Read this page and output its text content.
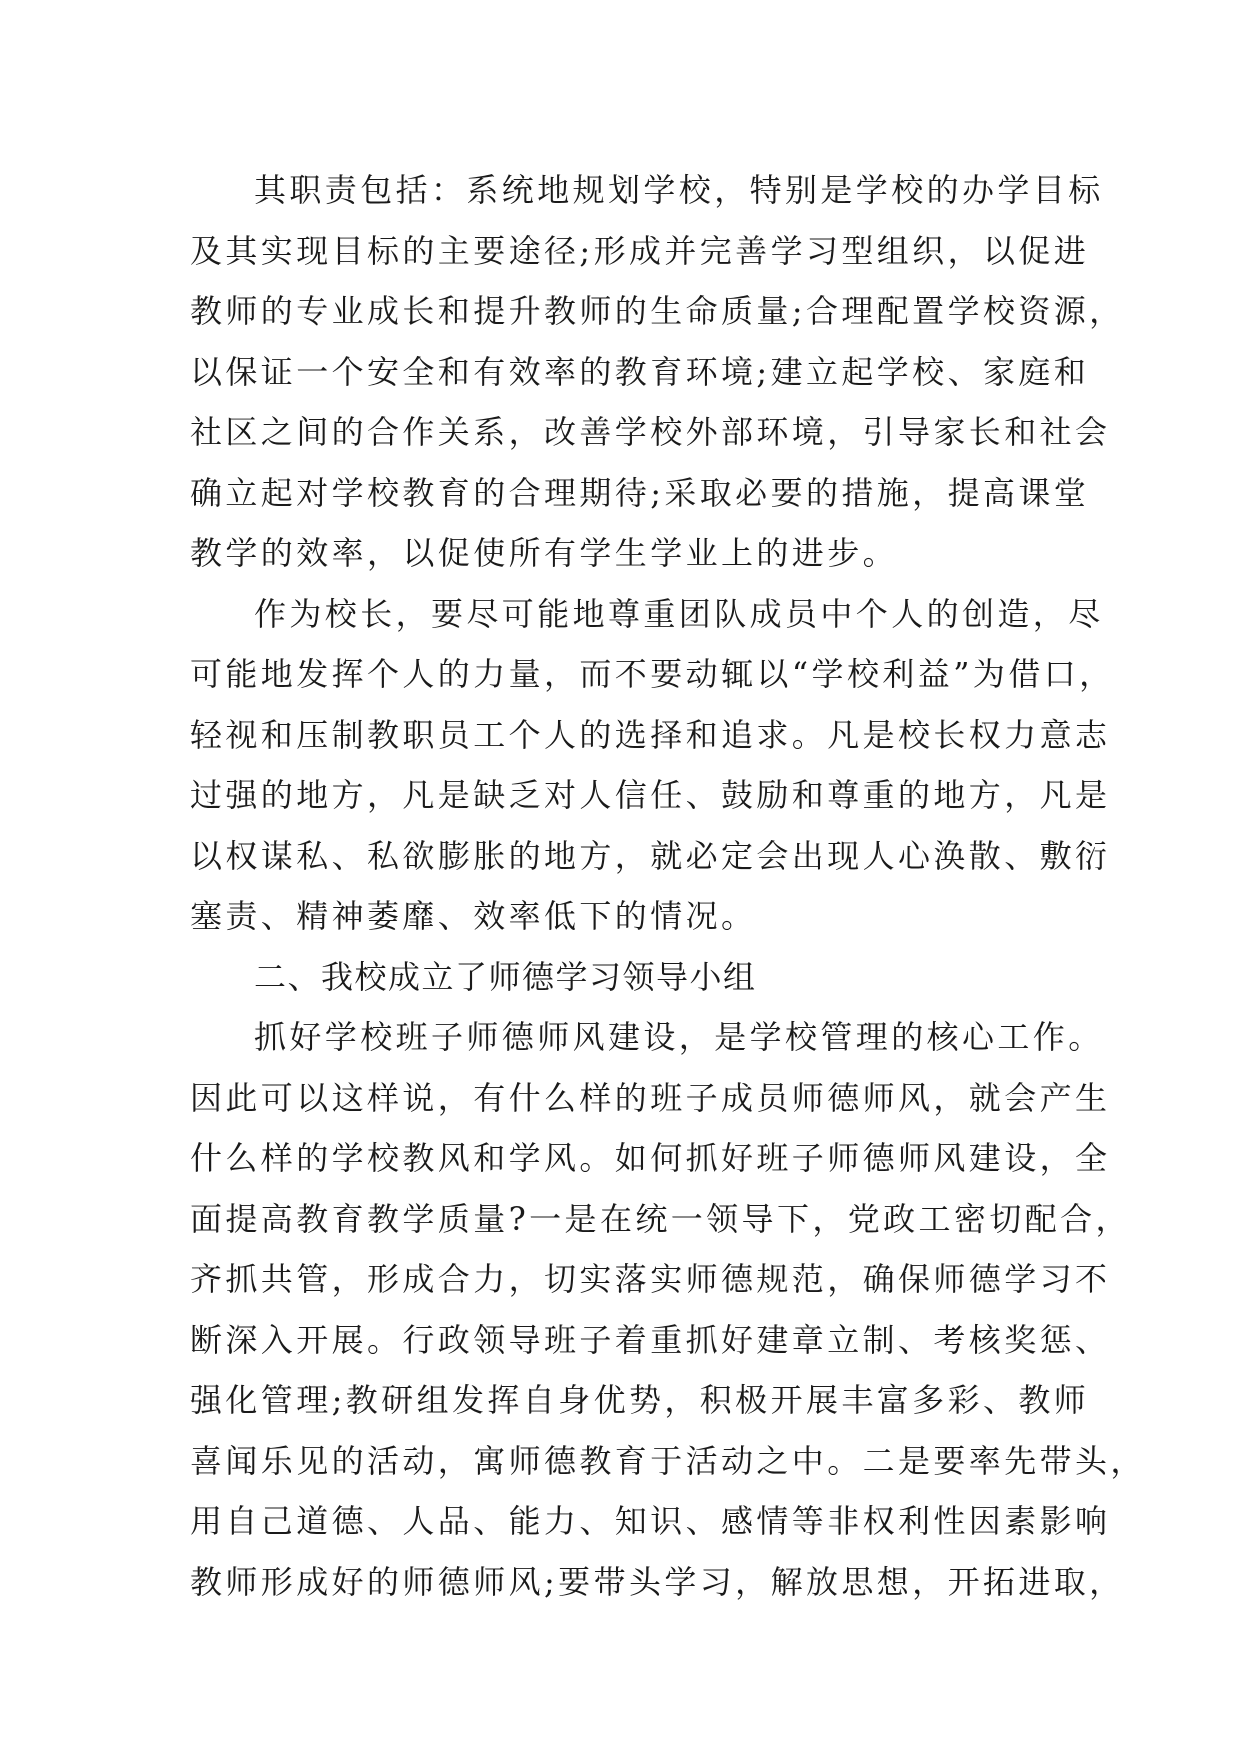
其职责包括：系统地规划学校，特别是学校的办学目标
及其实现目标的主要途径;形成并完善学习型组织，以促进
教师的专业成长和提升教师的生命质量;合理配置学校资源，
以保证一个安全和有效率的教育环境;建立起学校、家庭和
社区之间的合作关系，改善学校外部环境，引导家长和社会
确立起对学校教育的合理期待;采取必要的措施，提高课堂
教学的效率，以促使所有学生学业上的进步。
作为校长，要尽可能地尊重团队成员中个人的创造，尽
可能地发挥个人的力量，而不要动辄以“学校利益”为借口，
轻视和压制教职员工个人的选择和追求。凡是校长权力意志
过强的地方，凡是缺乏对人信任、鼓励和尊重的地方，凡是
以权谋私、私欲膨胀的地方，就必定会出现人心涣散、敷衍
塞责、精神萎靡、效率低下的情况。
二、我校成立了师德学习领导小组
抓好学校班子师德师风建设，是学校管理的核心工作。
因此可以这样说，有什么样的班子成员师德师风，就会产生
什么样的学校教风和学风。如何抓好班子师德师风建设，全
面提高教育教学质量?一是在统一领导下，党政工密切配合，
齐抓共管，形成合力，切实落实师德规范，确保师德学习不
断深入开展。行政领导班子着重抓好建章立制、考核奖惩、
强化管理;教研组发挥自身优势，积极开展丰富多彩、教师
喜闻乐见的活动，寓师德教育于活动之中。二是要率先带头，
用自己道德、人品、能力、知识、感情等非权利性因素影响
教师形成好的师德师风;要带头学习，解放思想，开拓进取，
